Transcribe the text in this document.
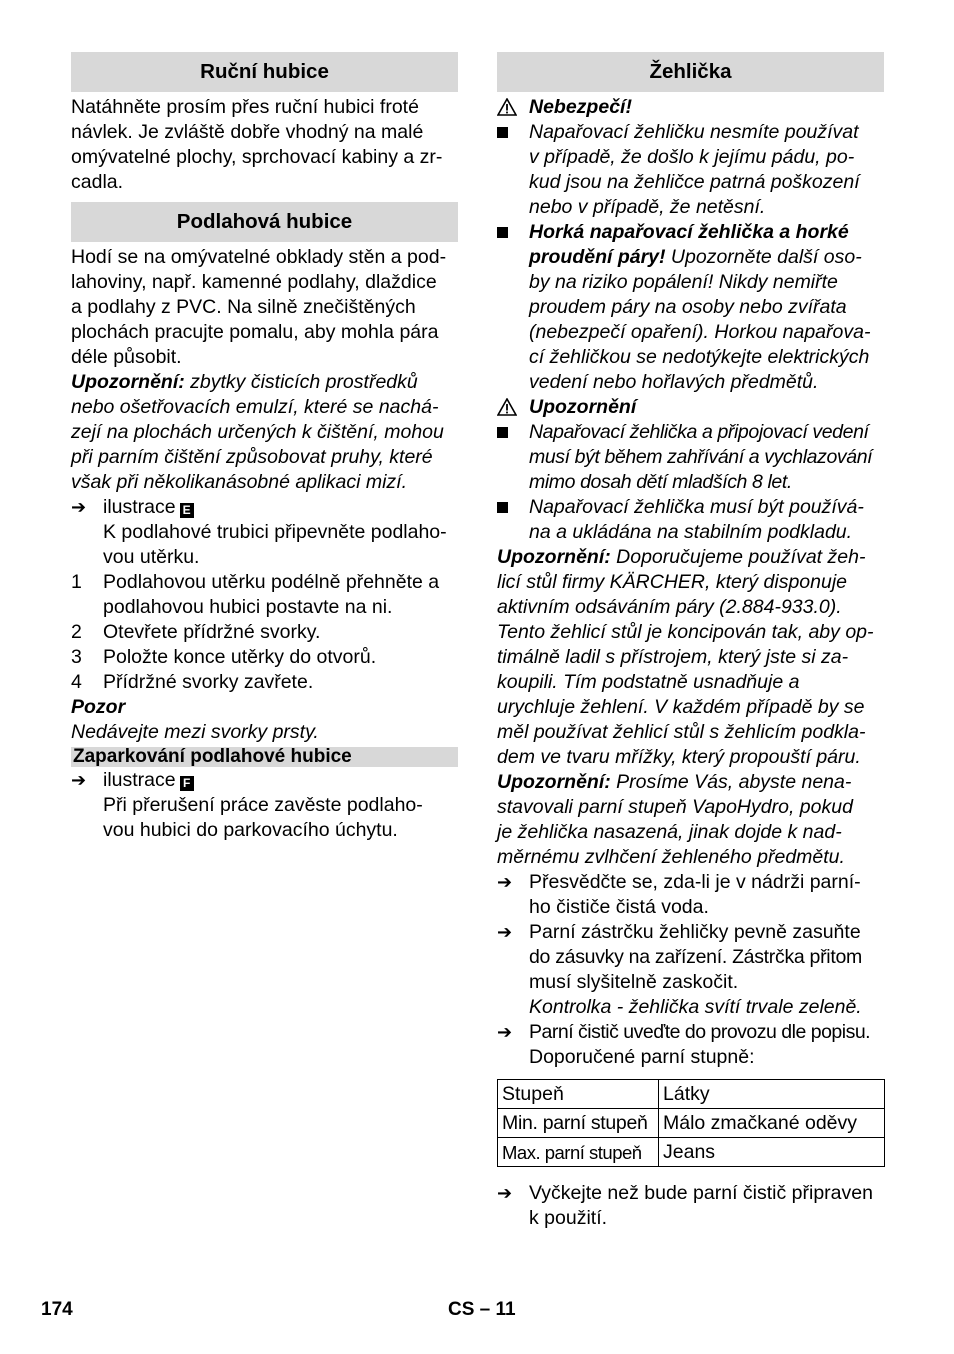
Ruční hubice

Natáhněte prosím přes ruční hubici froté
návlek. Je zvláště dobře vhodný na malé
omývatelné plochy, sprchovací kabiny a zr-
cadla.

Podlahová hubice

Hodí se na omývatelné obklady stěn a pod-
lahoviny, např. kamenné podlahy, dlaždice
a podlahy z PVC. Na silně znečištěných
plochách pracujte pomalu, aby mohla pára
déle působit.

Upozornění: zbytky čisticích prostředků
nebo ošetřovacích emulzí, které se nachá-
zejí na plochách určených k čištění, mohou
při parním čištění způsobovat pruhy, které
však při několikanásobné aplikaci mizí.

➔ ilustrace E
K podlahové trubici připevněte podlaho-
vou utěrku.
1	Podlahovou utěrku podélně přehněte a
podlahovou hubici postavte na ni.
2	Otevřete přídržné svorky.
3	Položte konce utěrky do otvorů.
4	Přídržné svorky zavřete.

Pozor
Nedávejte mezi svorky prsty.

Zaparkování podlahové hubice
➔ ilustrace F
Při přerušení práce zavěste podlaho-
vou hubici do parkovacího úchytu.
Žehlička

Nebezpečí!

Napařovací žehličku nesmíte používat
v případě, že došlo k jejímu pádu, po-
kud jsou na žehličce patrná poškození
nebo v případě, že netěsní.
Horká napařovací žehlička a horké
proudění páry! Upozorněte další oso-
by na riziko popálení! Nikdy nemiřte
proudem páry na osoby nebo zvířata
(nebezpečí opaření). Horkou napařova-
cí žehličkou se nedotýkejte elektrických
vedení nebo hořlavých předmětů.

Upozornění

Napařovací žehlička a připojovací vedení
musí být během zahřívání a vychlazování
mimo dosah dětí mladších 8 let.
Napařovací žehlička musí být používá-
na a ukládána na stabilním podkladu.

Upozornění: Doporučujeme používat žeh-
licí stůl firmy KÄRCHER, který disponuje
aktivním odsáváním páry (2.884-933.0).
Tento žehlicí stůl je koncipován tak, aby op-
timálně ladil s přístrojem, který jste si za-
koupili. Tím podstatně usnadňuje a
urychluje žehlení. V každém případě by se
měl používat žehlicí stůl s žehlicím podkla-
dem ve tvaru mřížky, který propouští páru.

Upozornění: Prosíme Vás, abyste nena-
stavovali parní stupeň VapoHydro, pokud
je žehlička nasazená, jinak dojde k nad-
měrnému zvlhčení žehleného předmětu.

➔ Přesvědčte se, zda-li je v nádrži parní-
ho čističe čistá voda.
➔ Parní zástrčku žehličky pevně zasuňte
do zásuvky na zařízení. Zástrčka přitom
musí slyšitelně zaskočit.
Kontrolka - žehlička svítí trvale zeleně.
➔ Parní čistič uveďte do provozu dle popisu.
Doporučené parní stupně:
Stupeň	Látky
Min. parní stupeň	Málo zmačkané oděvy
Max. parní stupeň	Jeans
➔ Vyčkejte než bude parní čistič připraven
k použití.
174	CS – 11
